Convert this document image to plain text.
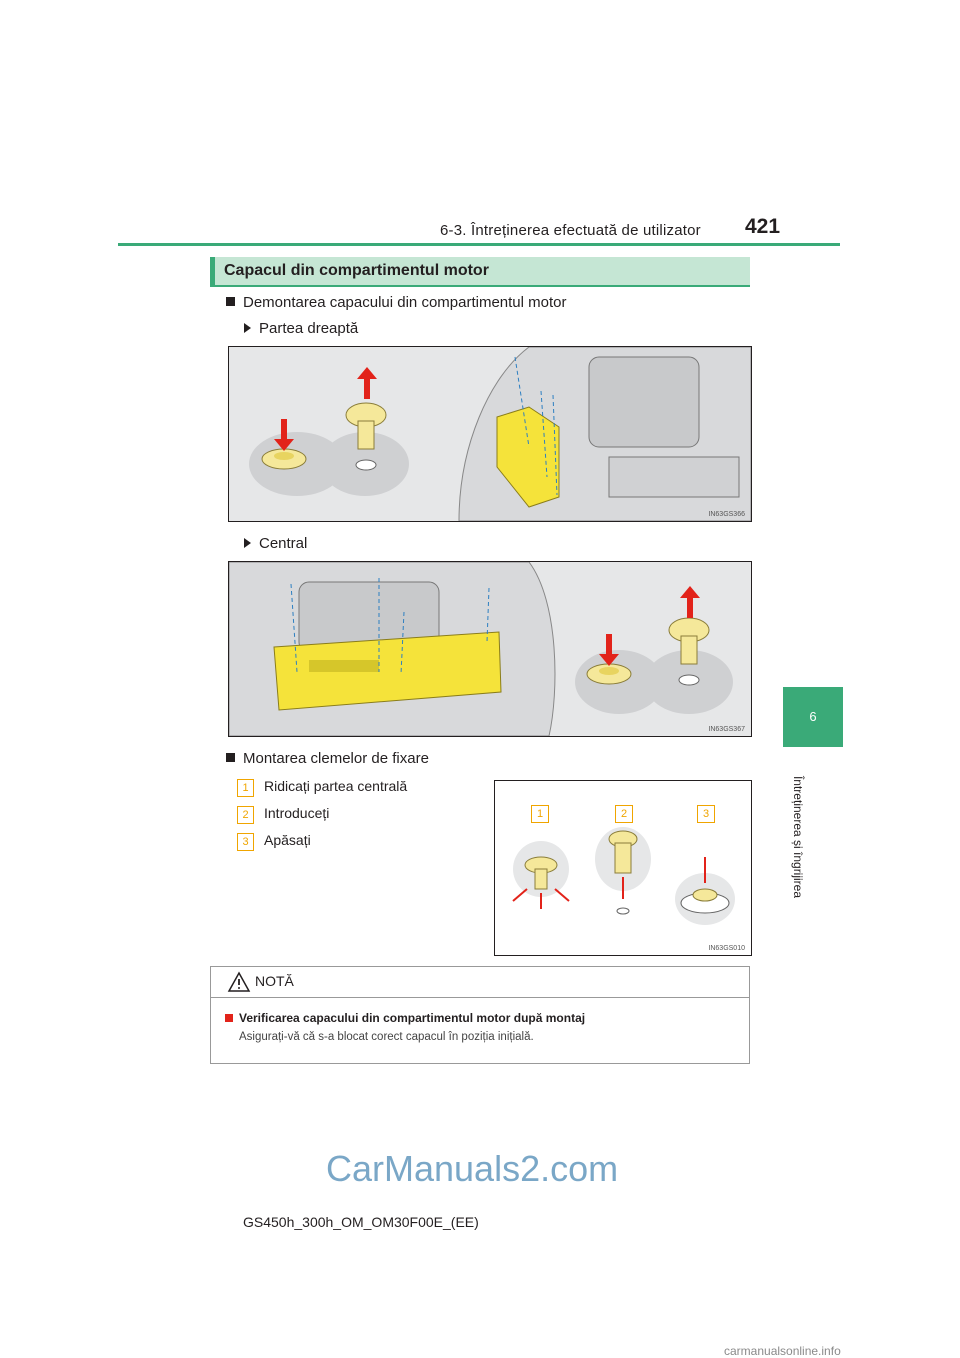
6-3. Întreținerea efectuată de utilizator 421
6
Întreținerea și îngrijirea
Capacul din compartimentul motor
Demontarea capacului din compartimentul motor
Partea dreaptă
IN63GS366
Central
IN63GS367
Montarea clemelor de fixare
1 Ridicați partea centrală
2 Introduceți
3 Apăsați
1	2	3
IN63GS010
NOTĂ
Verificarea capacului din compartimentul motor după montaj
Asigurați-vă că s-a blocat corect capacul în poziția inițială.
CarManuals2.com
GS450h_300h_OM_OM30F00E_(EE)
carmanualsonline.info
